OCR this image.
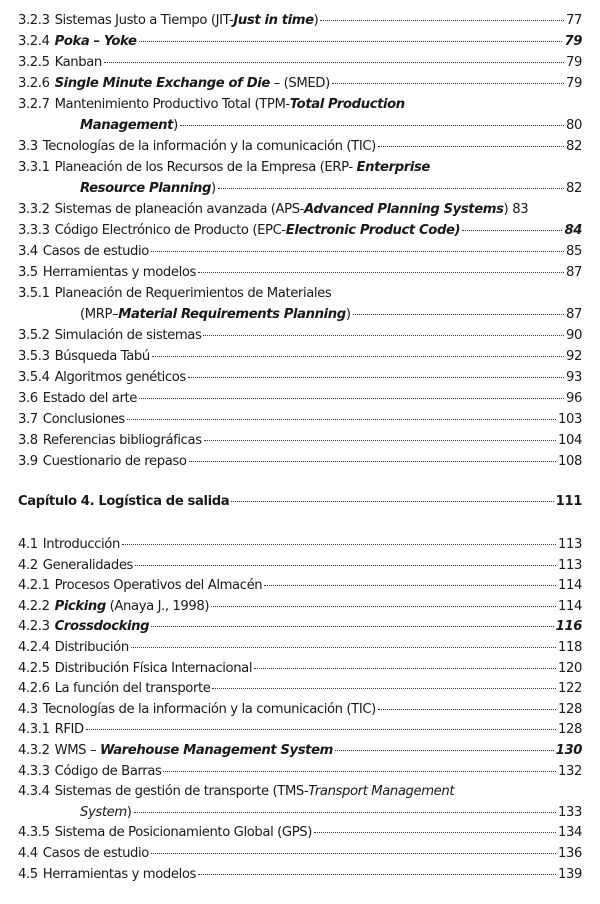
3.2.3 Sistemas Justo a Tiempo (JIT-Just in time)	77
3.2.4 Poka – Yoke	79
3.2.5 Kanban	79
3.2.6 Single Minute Exchange of Die – (SMED)	79
3.2.7 Mantenimiento Productivo Total (TPM-Total Production
Management)	80
3.3 Tecnologías de la información y la comunicación (TIC)	82
3.3.1 Planeación de los Recursos de la Empresa (ERP- Enterprise
Resource Planning)	82
3.3.2 Sistemas de planeación avanzada (APS-Advanced Planning Systems) 83
3.3.3 Código Electrónico de Producto (EPC-Electronic Product Code)	84
3.4 Casos de estudio	85
3.5 Herramientas y modelos	87
3.5.1 Planeación de Requerimientos de Materiales
(MRP–Material Requirements Planning)	87
3.5.2 Simulación de sistemas	90
3.5.3 Búsqueda Tabú	92
3.5.4 Algoritmos genéticos	93
3.6 Estado del arte	96
3.7 Conclusiones	103
3.8 Referencias bibliográficas	104
3.9 Cuestionario de repaso	108
Capítulo 4. Logística de salida	111
4.1 Introducción	113
4.2 Generalidades	113
4.2.1 Procesos Operativos del Almacén	114
4.2.2 Picking (Anaya J., 1998)	114
4.2.3 Crossdocking	116
4.2.4 Distribución	118
4.2.5 Distribución Física Internacional	120
4.2.6 La función del transporte	122
4.3 Tecnologías de la información y la comunicación (TIC)	128
4.3.1 RFID	128
4.3.2 WMS – Warehouse Management System	130
4.3.3 Código de Barras	132
4.3.4 Sistemas de gestión de transporte (TMS-Transport Management
System)	133
4.3.5 Sistema de Posicionamiento Global (GPS)	134
4.4 Casos de estudio	136
4.5 Herramientas y modelos	139
